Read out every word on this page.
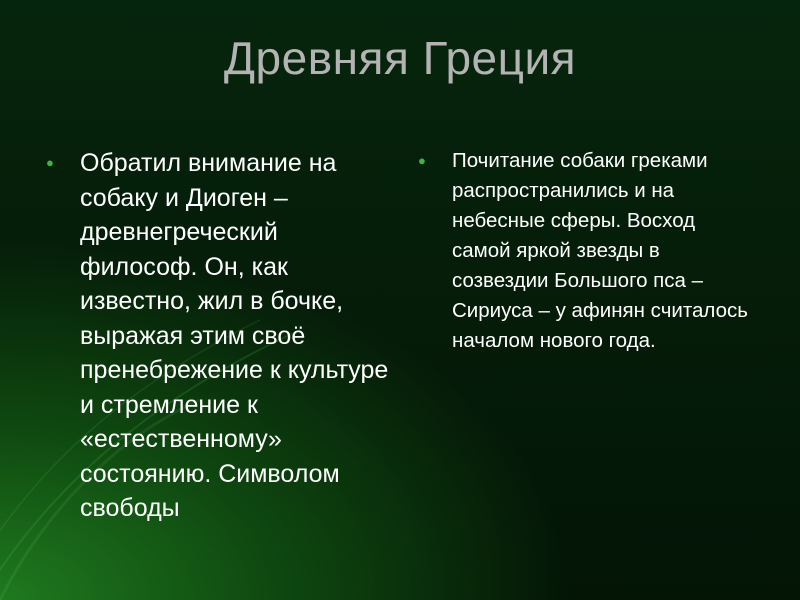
Древняя Греция
● Обратил внимание на собаку и Диоген – древнегреческий философ. Он, как известно, жил в бочке, выражая этим своё пренебрежение к культуре и стремление к «естественному» состоянию. Символом свободы
● Почитание собаки греками распространились и на небесные сферы. Восход самой яркой звезды в созвездии Большого пса – Сириуса – у афинян считалось началом нового года.
